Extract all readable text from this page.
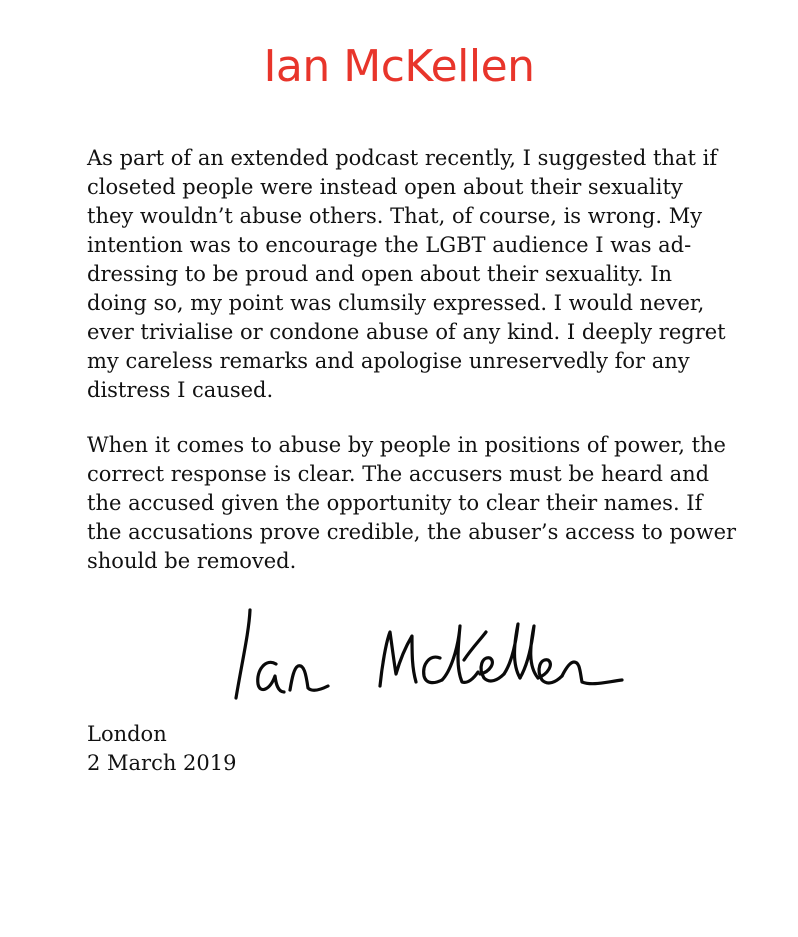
Ian McKellen

As part of an extended podcast recently, I suggested that if
closeted people were instead open about their sexuality
they wouldn’t abuse others. That, of course, is wrong. My
intention was to encourage the LGBT audience I was ad-
dressing to be proud and open about their sexuality. In
doing so, my point was clumsily expressed. I would never,
ever trivialise or condone abuse of any kind. I deeply regret
my careless remarks and apologise unreservedly for any
distress I caused.

When it comes to abuse by people in positions of power, the
correct response is clear. The accusers must be heard and
the accused given the opportunity to clear their names. If
the accusations prove credible, the abuser’s access to power
should be removed.

London
2 March 2019
